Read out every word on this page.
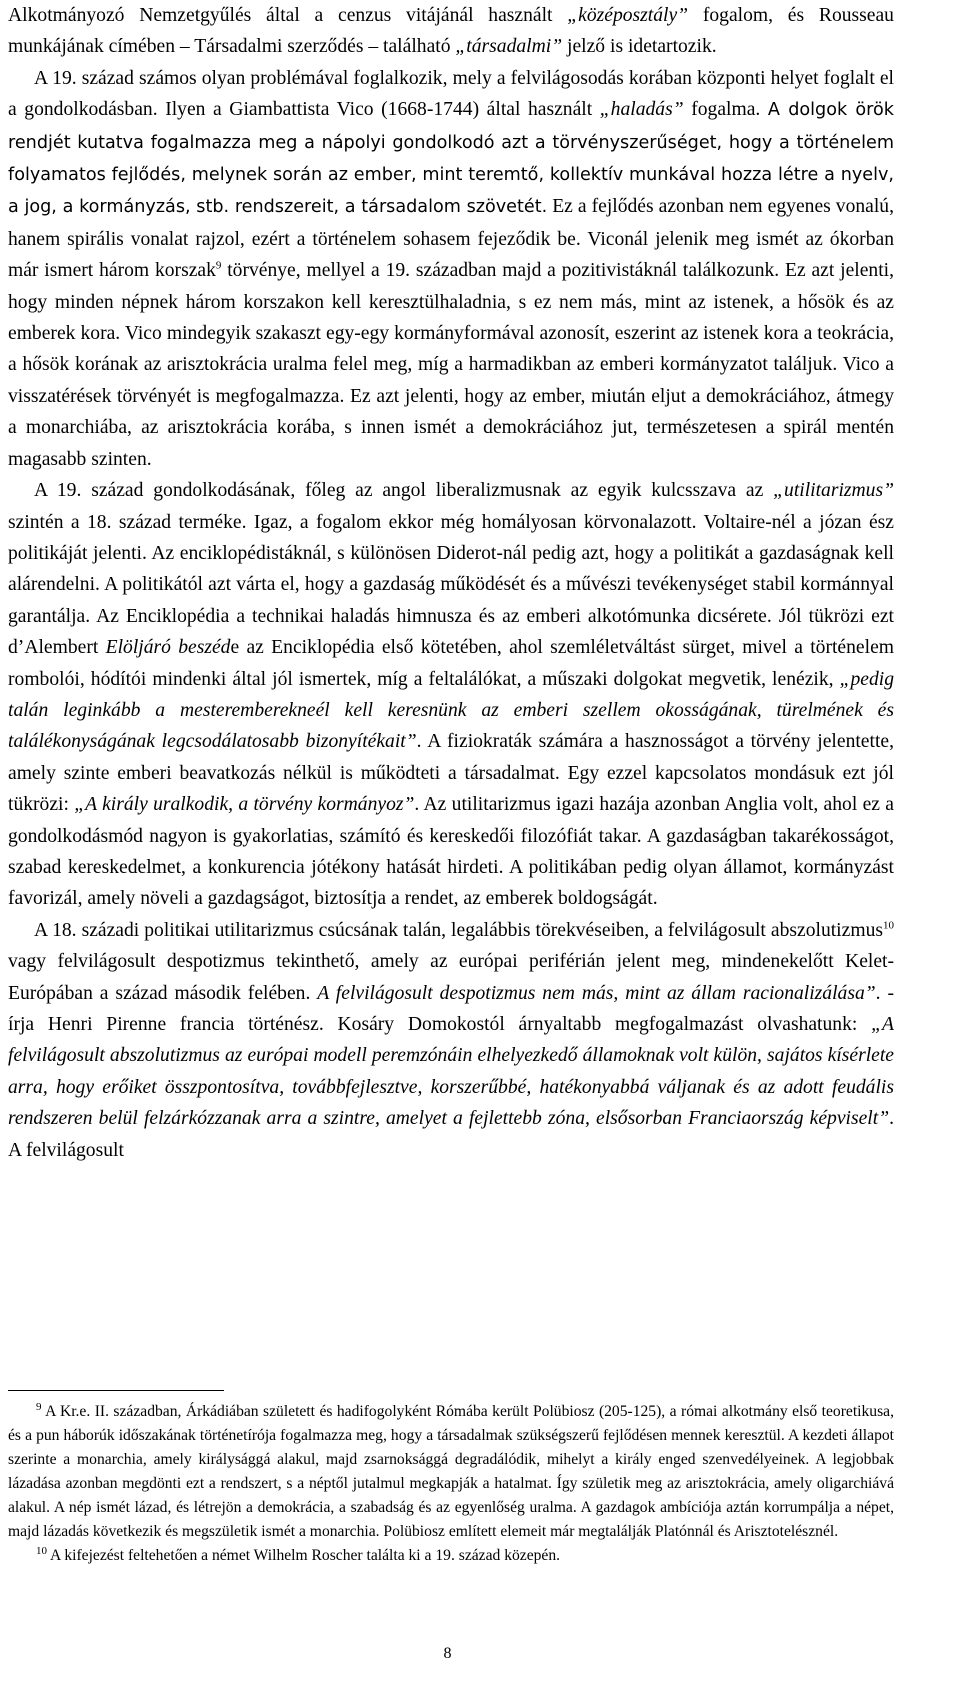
Alkotmányozó Nemzetgyűlés által a cenzus vitájánál használt „középosztály” fogalom, és Rousseau munkájának címében – Társadalmi szerződés – található „társadalmi” jelző is idetartozik.

A 19. század számos olyan problémával foglalkozik, mely a felvilágosodás korában központi helyet foglalt el a gondolkodásban. Ilyen a Giambattista Vico (1668-1744) által használt „haladás” fogalma. A dolgok örök rendjét kutatva fogalmazza meg a nápolyi gondolkodó azt a törvényszerűséget, hogy a történelem folyamatos fejlődés, melynek során az ember, mint teremtő, kollektív munkával hozza létre a nyelv, a jog, a kormányzás, stb. rendszereit, a társadalom szövetét. Ez a fejlődés azonban nem egyenes vonalú, hanem spirális vonalat rajzol, ezért a történelem sohasem fejeződik be. Viconál jelenik meg ismét az ókorban már ismert három korszak$^9$ törvénye, mellyel a 19. században majd a pozitivistáknál találkozunk. Ez azt jelenti, hogy minden népnek három korszakon kell keresztülhaladnia, s ez nem más, mint az istenek, a hősök és az emberek kora. Vico mindegyik szakaszt egy-egy kormányformával azonosít, eszerint az istenek kora a teokrácia, a hősök korának az arisztokrácia uralma felel meg, míg a harmadikban az emberi kormányzatot találjuk. Vico a visszatérések törvényét is megfogalmazza. Ez azt jelenti, hogy az ember, miután eljut a demokráciához, átmegy a monarchiába, az arisztokrácia korába, s innen ismét a demokráciához jut, természetesen a spirál mentén magasabb szinten.

A 19. század gondolkodásának, főleg az angol liberalizmusnak az egyik kulcsszava az „utilitarizmus” szintén a 18. század terméke. Igaz, a fogalom ekkor még homályosan körvonalazott. Voltaire-nél a józan ész politikáját jelenti. Az enciklopédistáknál, s különösen Diderot-nál pedig azt, hogy a politikát a gazdaságnak kell alárendelni. A politikától azt várta el, hogy a gazdaság működését és a művészi tevékenységet stabil kormánnyal garantálja. Az Enciklopédia a technikai haladás himnusza és az emberi alkotómunka dicsérete. Jól tükrözi ezt d’Alembert Elöljáró beszéde az Enciklopédia első kötetében, ahol szemléletváltást sürget, mivel a történelem rombolói, hódítói mindenki által jól ismertek, míg a feltalálókat, a műszaki dolgokat megvetik, lenézik, „pedig talán leginkább a mesteremberekneél kell keresnünk az emberi szellem okosságának, türelmének és találékonyságának legcsodálatosabb bizonyítékait”. A fiziokraták számára a hasznosságot a törvény jelentette, amely szinte emberi beavatkozás nélkül is működteti a társadalmat. Egy ezzel kapcsolatos mondásuk ezt jól tükrözi: „A király uralkodik, a törvény kormányoz”. Az utilitarizmus igazi hazája azonban Anglia volt, ahol ez a gondolkodásmód nagyon is gyakorlatias, számító és kereskedői filozófiát takar. A gazdaságban takarékosságot, szabad kereskedelmet, a konkurencia jótékony hatását hirdeti. A politikában pedig olyan államot, kormányzást favorizál, amely növeli a gazdagságot, biztosítja a rendet, az emberek boldogságát.

A 18. századi politikai utilitarizmus csúcsának talán, legalábbis törekvéseiben, a felvilágosult abszolutizmus$^{10}$ vagy felvilágosult despotizmus tekinthető, amely az európai periférián jelent meg, mindenekelőtt Kelet-Európában a század második felében. A felvilágosult despotizmus nem más, mint az állam racionalizálása”. - írja Henri Pirenne francia történész. Kosáry Domokostól árnyaltabb megfogalmazást olvashatunk: „A felvilágosult abszolutizmus az európai modell peremzónáin elhelyezkedő államoknak volt külön, sajátos kísérlete arra, hogy erőiket összpontosítva, továbbfejlesztve, korszerűbbé, hatékonyabbá váljanak és az adott feudális rendszeren belül felzárkózzanak arra a szintre, amelyet a fejlettebb zóna, elsősorban Franciaország képviselt”. A felvilágosult

$^9$ A Kr.e. II. században, Árkádiában született és hadifogolyként Rómába került Polübiosz (205-125), a római alkotmány első teoretikusa, és a pun háborúk időszakának történetírója fogalmazza meg, hogy a társadalmak szükségszerű fejlődésen mennek keresztül. A kezdeti állapot szerinte a monarchia, amely királysággá alakul, majd zsarnoksággá degradálódik, mihelyt a király enged szenvedélyeinek. A legjobbak lázadása azonban megdönti ezt a rendszert, s a néptől jutalmul megkapják a hatalmat. Így születik meg az arisztokrácia, amely oligarchiává alakul. A nép ismét lázad, és létrejön a demokrácia, a szabadság és az egyenlőség uralma. A gazdagok ambíciója aztán korrumpálja a népet, majd lázadás következik és megszületik ismét a monarchia. Polübiosz említett elemeit már megtalálják Platónnál és Arisztotelésznél.

$^{10}$ A kifejezést feltehetően a német Wilhelm Roscher találta ki a 19. század közepén.

8
